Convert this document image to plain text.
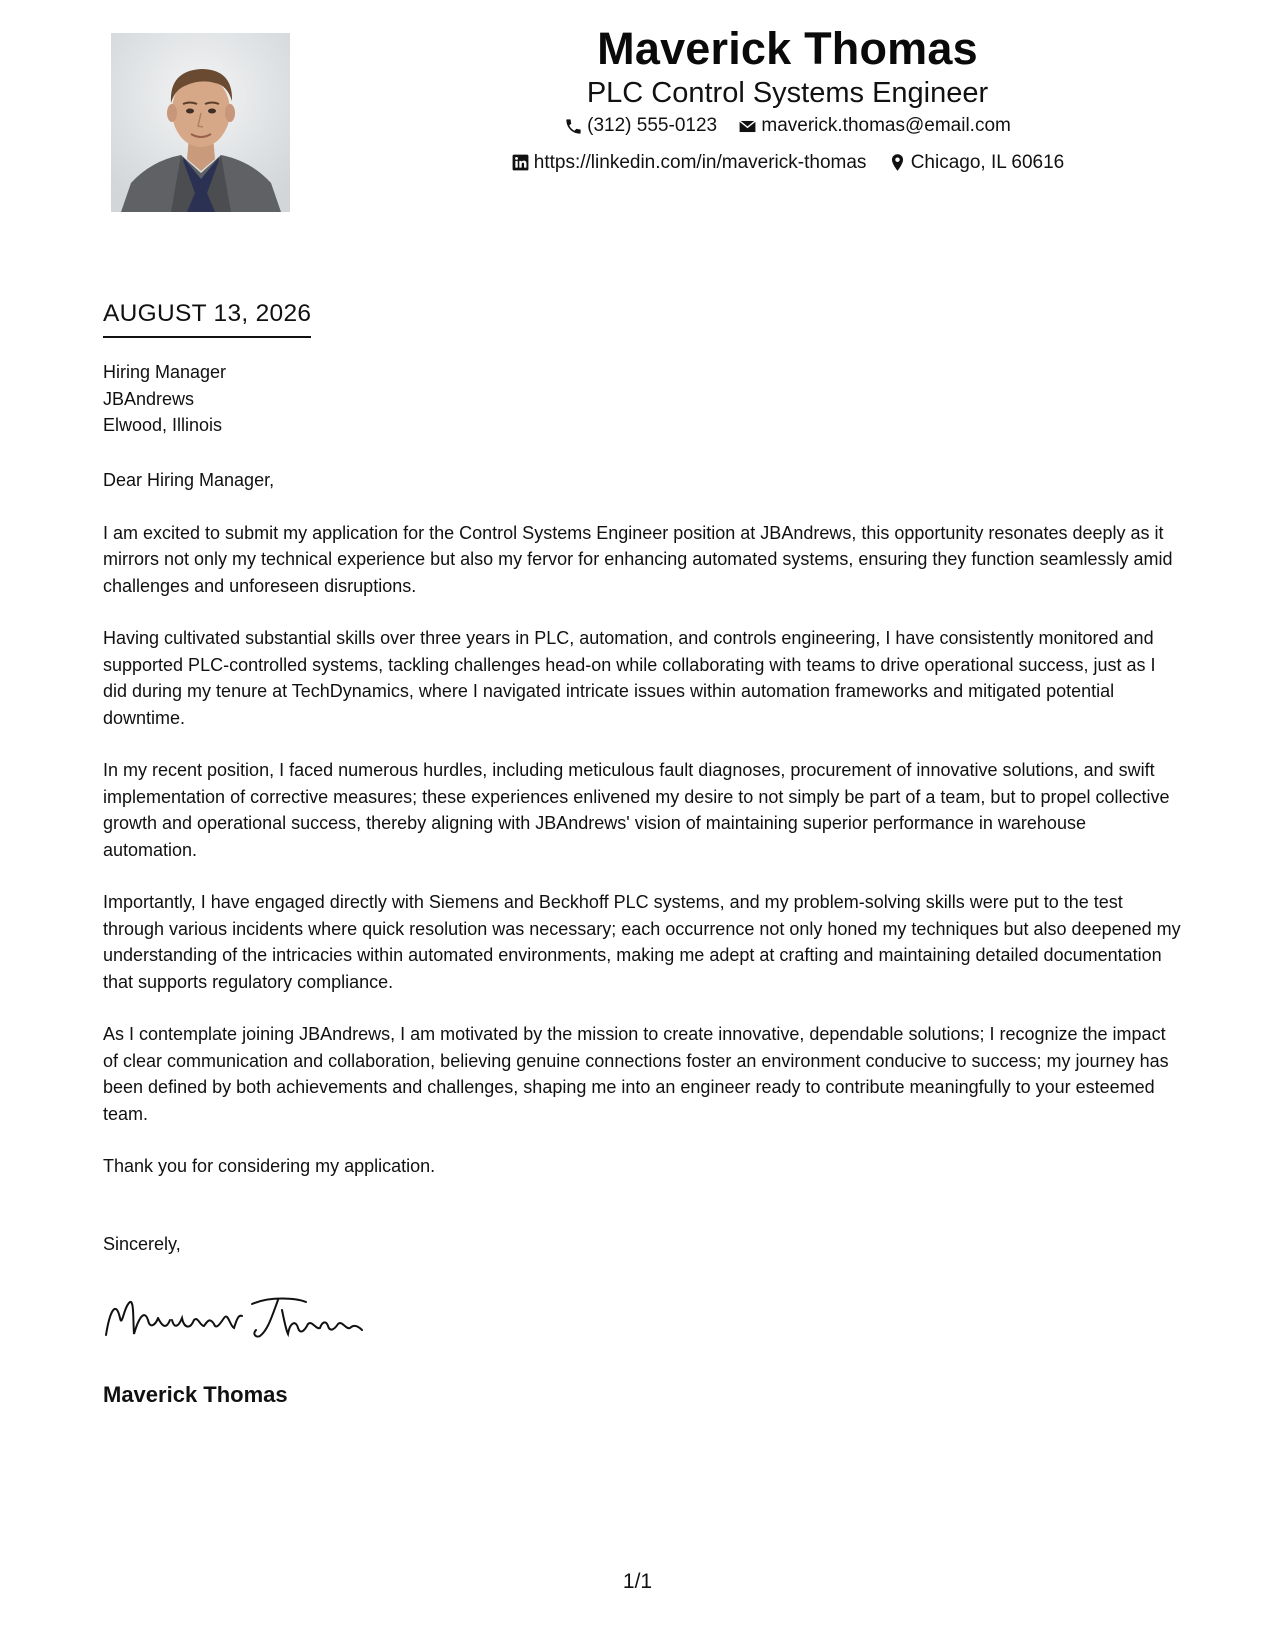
Maverick Thomas
PLC Control Systems Engineer
(312) 555-0123
maverick.thomas@email.com
https://linkedin.com/in/maverick-thomas
Chicago, IL 60616
AUGUST 13, 2026
Hiring Manager
JBAndrews
Elwood, Illinois

Dear Hiring Manager,

I am excited to submit my application for the Control Systems Engineer position at JBAndrews, this opportunity resonates deeply as it mirrors not only my technical experience but also my fervor for enhancing automated systems, ensuring they function seamlessly amid challenges and unforeseen disruptions.

Having cultivated substantial skills over three years in PLC, automation, and controls engineering, I have consistently monitored and supported PLC-controlled systems, tackling challenges head-on while collaborating with teams to drive operational success, just as I did during my tenure at TechDynamics, where I navigated intricate issues within automation frameworks and mitigated potential downtime.

In my recent position, I faced numerous hurdles, including meticulous fault diagnoses, procurement of innovative solutions, and swift implementation of corrective measures; these experiences enlivened my desire to not simply be part of a team, but to propel collective growth and operational success, thereby aligning with JBAndrews' vision of maintaining superior performance in warehouse automation.

Importantly, I have engaged directly with Siemens and Beckhoff PLC systems, and my problem-solving skills were put to the test through various incidents where quick resolution was necessary; each occurrence not only honed my techniques but also deepened my understanding of the intricacies within automated environments, making me adept at crafting and maintaining detailed documentation that supports regulatory compliance.

As I contemplate joining JBAndrews, I am motivated by the mission to create innovative, dependable solutions; I recognize the impact of clear communication and collaboration, believing genuine connections foster an environment conducive to success; my journey has been defined by both achievements and challenges, shaping me into an engineer ready to contribute meaningfully to your esteemed team.

Thank you for considering my application.

Sincerely,
Maverick Thomas
1/1
